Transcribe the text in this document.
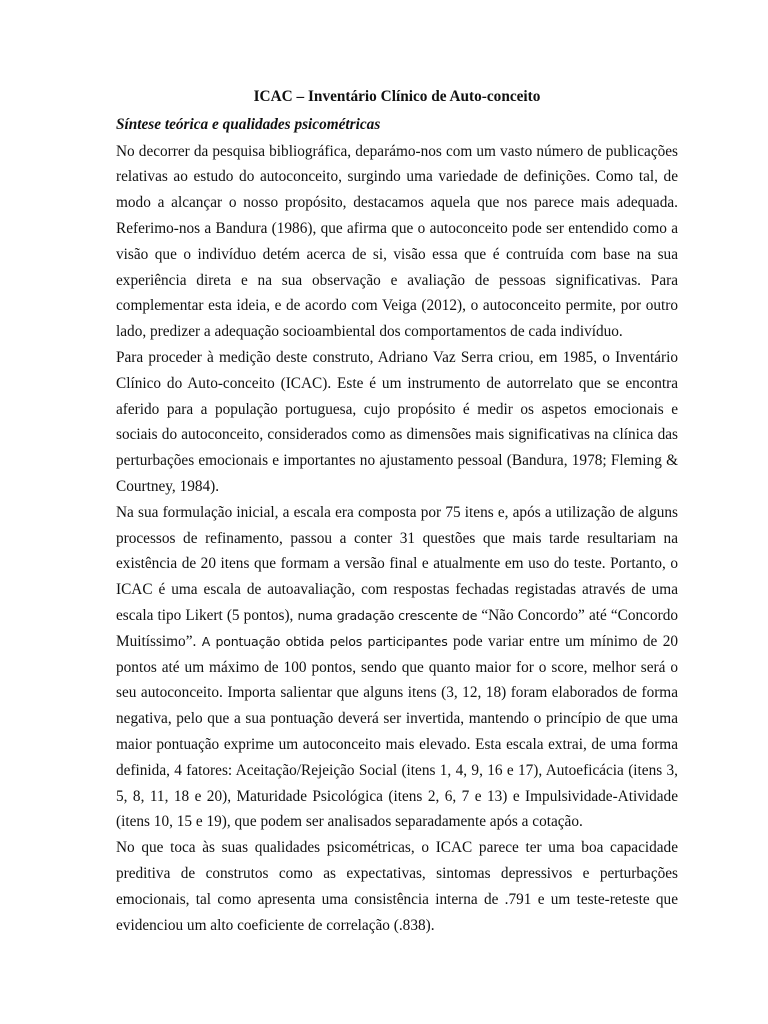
ICAC – Inventário Clínico de Auto-conceito

Síntese teórica e qualidades psicométricas

No decorrer da pesquisa bibliográfica, deparámo-nos com um vasto número de publicações relativas ao estudo do autoconceito, surgindo uma variedade de definições. Como tal, de modo a alcançar o nosso propósito, destacamos aquela que nos parece mais adequada. Referimo-nos a Bandura (1986), que afirma que o autoconceito pode ser entendido como a visão que o indivíduo detém acerca de si, visão essa que é contruída com base na sua experiência direta e na sua observação e avaliação de pessoas significativas. Para complementar esta ideia, e de acordo com Veiga (2012), o autoconceito permite, por outro lado, predizer a adequação socioambiental dos comportamentos de cada indivíduo.

Para proceder à medição deste construto, Adriano Vaz Serra criou, em 1985, o Inventário Clínico do Auto-conceito (ICAC). Este é um instrumento de autorrelato que se encontra aferido para a população portuguesa, cujo propósito é medir os aspetos emocionais e sociais do autoconceito, considerados como as dimensões mais significativas na clínica das perturbações emocionais e importantes no ajustamento pessoal (Bandura, 1978; Fleming & Courtney, 1984).

Na sua formulação inicial, a escala era composta por 75 itens e, após a utilização de alguns processos de refinamento, passou a conter 31 questões que mais tarde resultariam na existência de 20 itens que formam a versão final e atualmente em uso do teste. Portanto, o ICAC é uma escala de autoavaliação, com respostas fechadas registadas através de uma escala tipo Likert (5 pontos), numa gradação crescente de “Não Concordo” até “Concordo Muitíssimo”. A pontuação obtida pelos participantes pode variar entre um mínimo de 20 pontos até um máximo de 100 pontos, sendo que quanto maior for o score, melhor será o seu autoconceito. Importa salientar que alguns itens (3, 12, 18) foram elaborados de forma negativa, pelo que a sua pontuação deverá ser invertida, mantendo o princípio de que uma maior pontuação exprime um autoconceito mais elevado. Esta escala extrai, de uma forma definida, 4 fatores: Aceitação/Rejeição Social (itens 1, 4, 9, 16 e 17), Autoeficácia (itens 3, 5, 8, 11, 18 e 20), Maturidade Psicológica (itens 2, 6, 7 e 13) e Impulsividade-Atividade (itens 10, 15 e 19), que podem ser analisados separadamente após a cotação.

No que toca às suas qualidades psicométricas, o ICAC parece ter uma boa capacidade preditiva de construtos como as expectativas, sintomas depressivos e perturbações emocionais, tal como apresenta uma consistência interna de .791 e um teste-reteste que evidenciou um alto coeficiente de correlação (.838).
